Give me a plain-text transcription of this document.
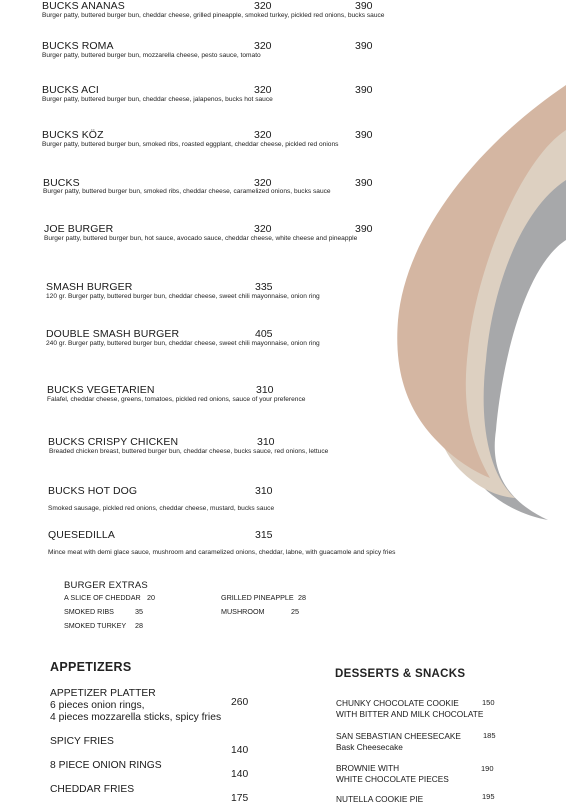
BUCKS ANANAS	320	390
Burger patty, buttered burger bun, cheddar cheese, grilled pineapple, smoked turkey, pickled red onions, bucks sauce
BUCKS ROMA	320	390
Burger patty, buttered burger bun, mozzarella cheese, pesto sauce, tomato
BUCKS ACI	320	390
Burger patty, buttered burger bun, cheddar cheese, jalapenos, bucks hot sauce
BUCKS KÖZ	320	390
Burger patty, buttered burger bun, smoked ribs, roasted eggplant, cheddar cheese, pickled red onions
BUCKS	320	390
Burger patty, buttered burger bun, smoked ribs, cheddar cheese, caramelized onions, bucks sauce
JOE BURGER	320	390
Burger patty, buttered burger bun, hot sauce, avocado sauce, cheddar cheese, white cheese and pineapple
SMASH BURGER	335
120 gr. Burger patty, buttered burger bun, cheddar cheese, sweet chili mayonnaise, onion ring
DOUBLE SMASH BURGER	405
240 gr. Burger patty, buttered burger bun, cheddar cheese, sweet chili mayonnaise, onion ring
BUCKS VEGETARIEN	310
Falafel, cheddar cheese, greens, tomatoes, pickled red onions, sauce of your preference
BUCKS CRISPY CHICKEN	310
Breaded chicken breast, buttered burger bun, cheddar cheese, bucks sauce, red onions, lettuce
BUCKS HOT DOG	310
Smoked sausage, pickled red onions, cheddar cheese, mustard, bucks sauce
QUESEDILLA	315
Mince meat with demi glace sauce, mushroom and caramelized onions, cheddar, labne, with guacamole and spicy fries
BURGER EXTRAS
A SLICE OF CHEDDAR 20
SMOKED RIBS	35
SMOKED TURKEY 28
GRILLED PINEAPPLE 28
MUSHROOM	25
APPETIZERS
APPETIZER PLATTER
6 pieces onion rings,
4 pieces mozzarella sticks, spicy fries
260
SPICY FRIES
140
8 PIECE ONION RINGS
140
CHEDDAR FRIES
175
DESSERTS & SNACKS
CHUNKY CHOCOLATE COOKIE
WITH BITTER AND MILK CHOCOLATE
150
SAN SEBASTIAN CHEESECAKE
Bask Cheesecake
185
BROWNIE WITH
WHITE CHOCOLATE PIECES
190
NUTELLA COOKIE PIE	195
